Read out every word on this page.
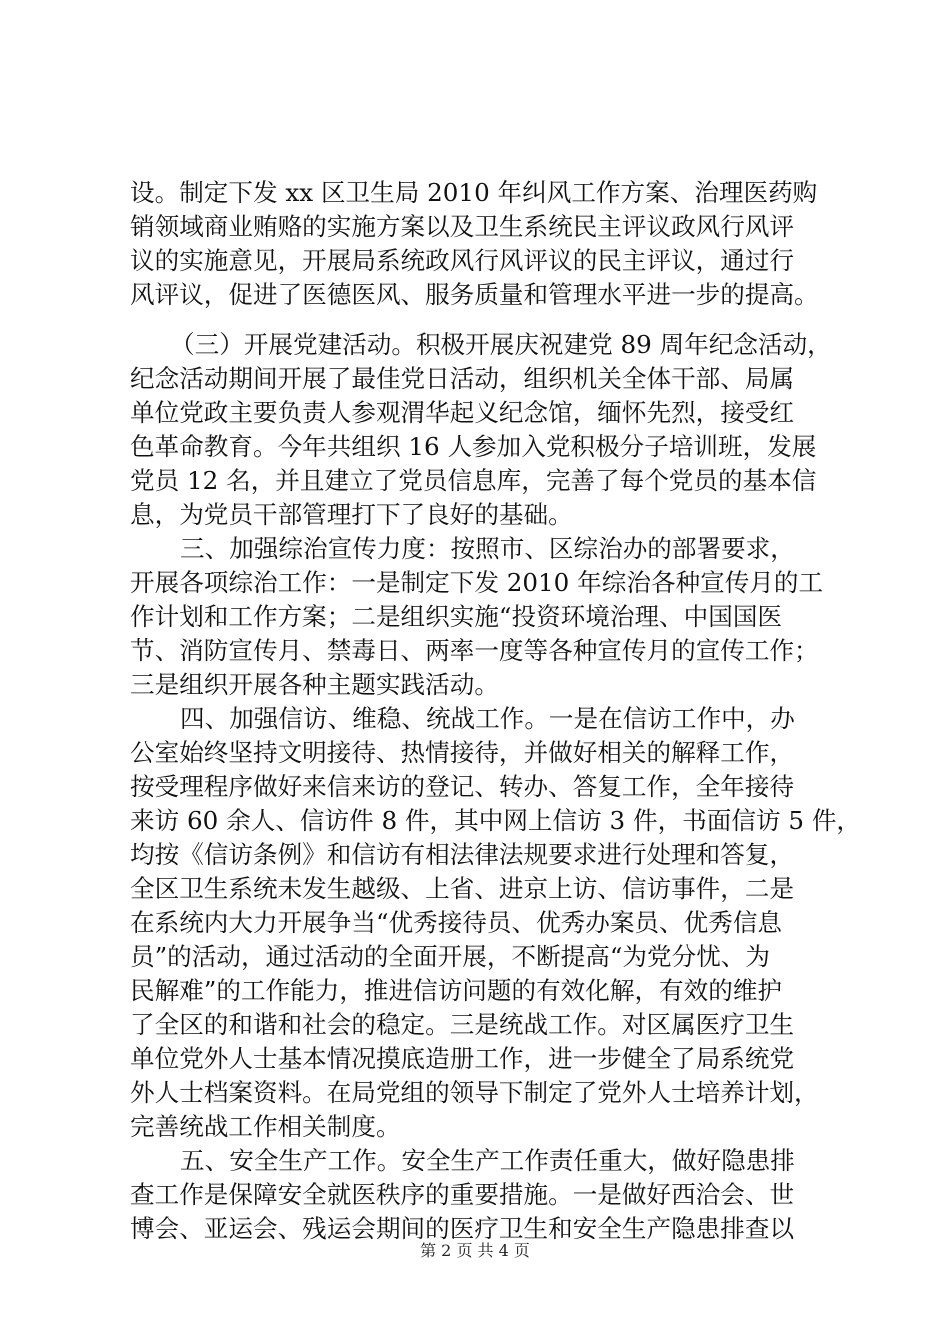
设。制定下发 xx 区卫生局 2010 年纠风工作方案、治理医药购
销领域商业贿赂的实施方案以及卫生系统民主评议政风行风评
议的实施意见，开展局系统政风行风评议的民主评议，通过行
风评议，促进了医德医风、服务质量和管理水平进一步的提高。
（三）开展党建活动。积极开展庆祝建党 89 周年纪念活动，
纪念活动期间开展了最佳党日活动，组织机关全体干部、局属
单位党政主要负责人参观渭华起义纪念馆，缅怀先烈，接受红
色革命教育。今年共组织 16 人参加入党积极分子培训班，发展
党员 12 名，并且建立了党员信息库，完善了每个党员的基本信
息，为党员干部管理打下了良好的基础。
三、加强综治宣传力度：按照市、区综治办的部署要求，
开展各项综治工作：一是制定下发 2010 年综治各种宣传月的工
作计划和工作方案；二是组织实施“投资环境治理、中国国医
节、消防宣传月、禁毒日、两率一度等各种宣传月的宣传工作；
三是组织开展各种主题实践活动。
四、加强信访、维稳、统战工作。一是在信访工作中，办
公室始终坚持文明接待、热情接待，并做好相关的解释工作，
按受理程序做好来信来访的登记、转办、答复工作，全年接待
来访 60 余人、信访件 8 件，其中网上信访 3 件，书面信访 5 件，
均按《信访条例》和信访有相法律法规要求进行处理和答复，
全区卫生系统未发生越级、上省、进京上访、信访事件，二是
在系统内大力开展争当“优秀接待员、优秀办案员、优秀信息
员”的活动，通过活动的全面开展，不断提高“为党分忧、为
民解难”的工作能力，推进信访问题的有效化解，有效的维护
了全区的和谐和社会的稳定。三是统战工作。对区属医疗卫生
单位党外人士基本情况摸底造册工作，进一步健全了局系统党
外人士档案资料。在局党组的领导下制定了党外人士培养计划，
完善统战工作相关制度。
五、安全生产工作。安全生产工作责任重大，做好隐患排
查工作是保障安全就医秩序的重要措施。一是做好西洽会、世
博会、亚运会、残运会期间的医疗卫生和安全生产隐患排查以
第 2 页 共 4 页
